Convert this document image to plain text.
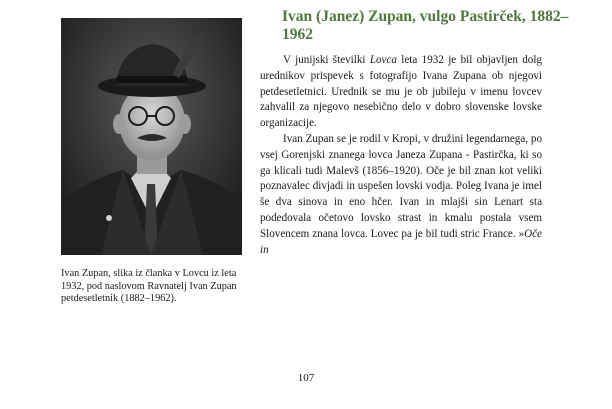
Ivan Zupan, slika iz članka v Lovcu iz leta 1932, pod naslovom Ravnatelj Ivan Zupan petdesetletnik (1882–1962).
Ivan (Janez) Zupan, vulgo Pastirček, 1882–1962

V junijski številki Lovca leta 1932 je bil objavljen dolg urednikov prispevek s fotografijo Ivana Zupana ob njegovi petdesetletnici. Urednik se mu je ob jubileju v imenu lovcev zahvalil za njegovo nesebično delo v dobro slovenske lovske organizacije.

Ivan Zupan se je rodil v Kropi, v družini legendarnega, po vsej Gorenjski znanega lovca Janeza Zupana - Pastirčka, ki so ga klicali tudi Malevš (1856–1920). Oče je bil znan kot veliki poznavalec divjadi in uspešen lovski vodja. Poleg Ivana je imel še dva sinova in eno hčer. Ivan in mlajši sin Lenart sta podedovala očetovo lovsko strast in kmalu postala vsem Slovencem znana lovca. Lovec pa je bil tudi stric France. »Oče in

107
